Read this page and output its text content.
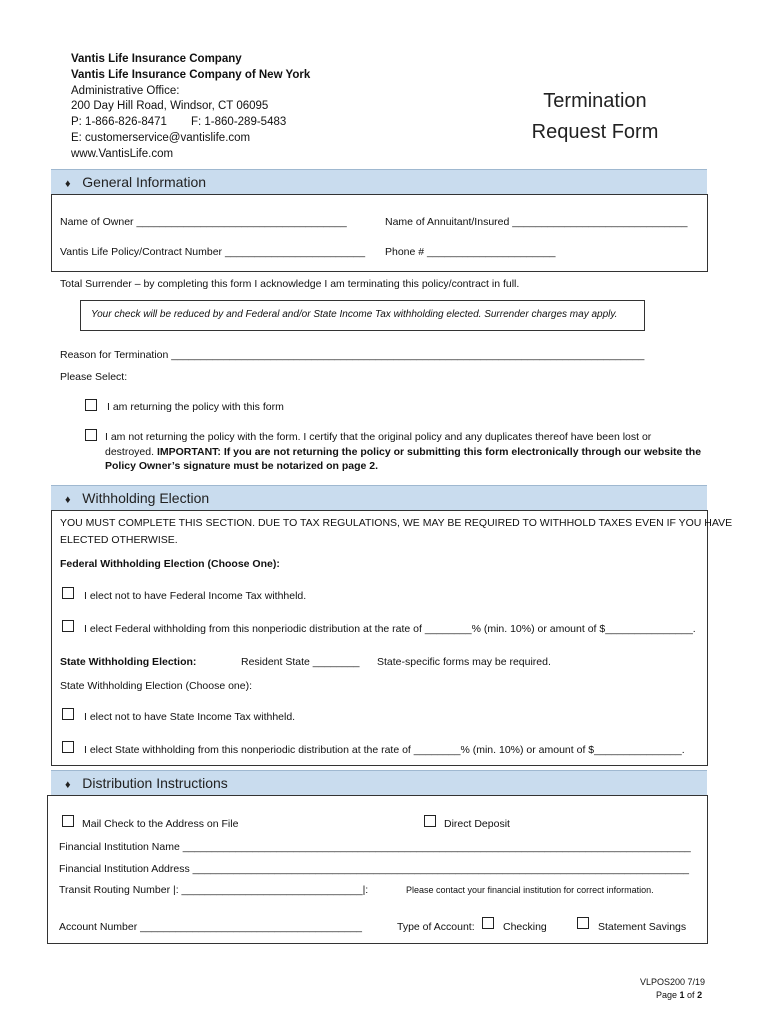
Vantis Life Insurance Company
Vantis Life Insurance Company of New York
Administrative Office:
200 Day Hill Road, Windsor, CT 06095
P: 1-866-826-8471 F: 1-860-289-5483
E: customerservice@vantislife.com
www.VantisLife.com
Termination
Request Form
♦ General Information
Name of Owner ____________________________________	Name of Annuitant/Insured ______________________________
Vantis Life Policy/Contract Number ________________________ Phone # ______________________
Total Surrender – by completing this form I acknowledge I am terminating this policy/contract in full.
Your check will be reduced by and Federal and/or State Income Tax withholding elected. Surrender charges may apply.
Reason for Termination _________________________________________________________________________________
Please Select:
I am returning the policy with this form
I am not returning the policy with the form. I certify that the original policy and any duplicates thereof have been lost or
destroyed. IMPORTANT: If you are not returning the policy or submitting this form electronically through our website the
Policy Owner’s signature must be notarized on page 2.
♦ Withholding Election
YOU MUST COMPLETE THIS SECTION. DUE TO TAX REGULATIONS, WE MAY BE REQUIRED TO WITHHOLD TAXES EVEN IF YOU HAVE
ELECTED OTHERWISE.
Federal Withholding Election (Choose One):
I elect not to have Federal Income Tax withheld.
I elect Federal withholding from this nonperiodic distribution at the rate of ________% (min. 10%) or amount of $_______________.
State Withholding Election:	Resident State ________ State-specific forms may be required.
State Withholding Election (Choose one):
I elect not to have State Income Tax withheld.
I elect State withholding from this nonperiodic distribution at the rate of ________% (min. 10%) or amount of $_______________.
♦ Distribution Instructions
Mail Check to the Address on File	Direct Deposit
Financial Institution Name _______________________________________________________________________________________
Financial Institution Address _____________________________________________________________________________________
Transit Routing Number |: _______________________________|:	Please contact your financial institution for correct information.
Account Number ______________________________________	Type of Account:	Checking	Statement Savings
VLPOS200 7/19
Page 1 of 2
